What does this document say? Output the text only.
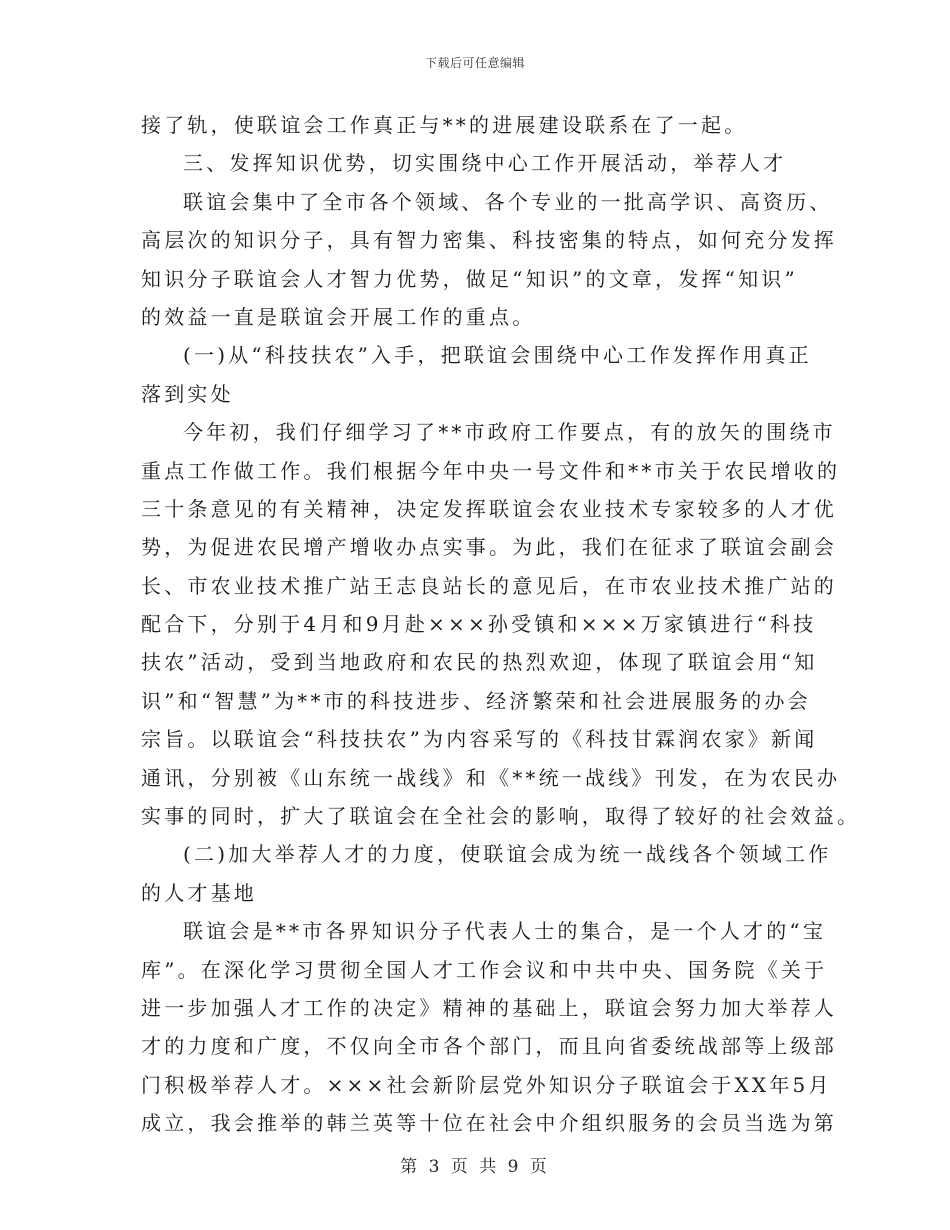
下载后可任意编辑
接了轨，使联谊会工作真正与**的进展建设联系在了一起。
三、发挥知识优势，切实围绕中心工作开展活动，举荐人才
联谊会集中了全市各个领域、各个专业的一批高学识、高资历、
高层次的知识分子，具有智力密集、科技密集的特点，如何充分发挥
知识分子联谊会人才智力优势，做足“知识”的文章，发挥“知识”
的效益一直是联谊会开展工作的重点。
(一)从“科技扶农”入手，把联谊会围绕中心工作发挥作用真正
落到实处
今年初，我们仔细学习了**市政府工作要点，有的放矢的围绕市
重点工作做工作。我们根据今年中央一号文件和**市关于农民增收的
三十条意见的有关精神，决定发挥联谊会农业技术专家较多的人才优
势，为促进农民增产增收办点实事。为此，我们在征求了联谊会副会
长、市农业技术推广站王志良站长的意见后，在市农业技术推广站的
配合下，分别于4月和9月赴×××孙受镇和×××万家镇进行“科技
扶农”活动，受到当地政府和农民的热烈欢迎，体现了联谊会用“知
识”和“智慧”为**市的科技进步、经济繁荣和社会进展服务的办会
宗旨。以联谊会“科技扶农”为内容采写的《科技甘霖润农家》新闻
通讯，分别被《山东统一战线》和《**统一战线》刊发，在为农民办
实事的同时，扩大了联谊会在全社会的影响，取得了较好的社会效益。
(二)加大举荐人才的力度，使联谊会成为统一战线各个领域工作
的人才基地
联谊会是**市各界知识分子代表人士的集合，是一个人才的“宝
库”。在深化学习贯彻全国人才工作会议和中共中央、国务院《关于
进一步加强人才工作的决定》精神的基础上，联谊会努力加大举荐人
才的力度和广度，不仅向全市各个部门，而且向省委统战部等上级部
门积极举荐人才。×××社会新阶层党外知识分子联谊会于XX年5月
成立，我会推举的韩兰英等十位在社会中介组织服务的会员当选为第
第 3 页 共 9 页
